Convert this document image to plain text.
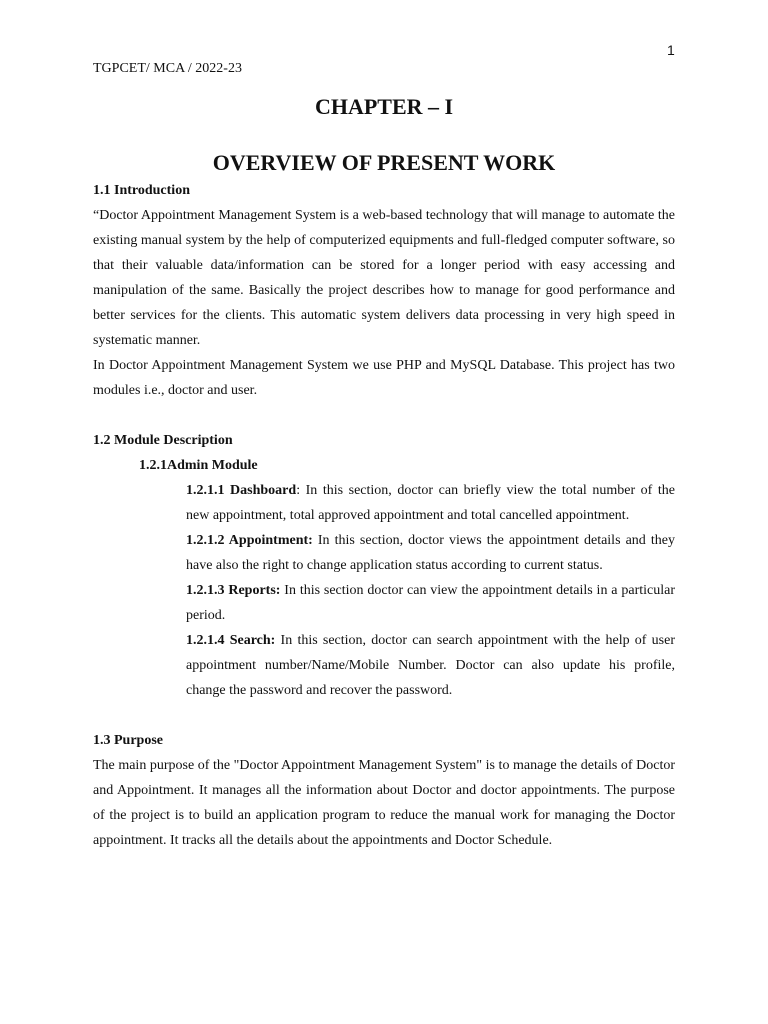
1
TGPCET/ MCA / 2022-23
CHAPTER – I
OVERVIEW OF PRESENT WORK

1.1 Introduction

“Doctor Appointment Management System is a web-based technology that will manage to automate the existing manual system by the help of computerized equipments and full-fledged computer software, so that their valuable data/information can be stored for a longer period with easy accessing and manipulation of the same. Basically the project describes how to manage for good performance and better services for the clients. This automatic system delivers data processing in very high speed in systematic manner.

In Doctor Appointment Management System we use PHP and MySQL Database. This project has two modules i.e., doctor and user.

1.2 Module Description

1.2.1Admin Module

1.2.1.1 Dashboard: In this section, doctor can briefly view the total number of the new appointment, total approved appointment and total cancelled appointment.

1.2.1.2 Appointment: In this section, doctor views the appointment details and they have also the right to change application status according to current status.

1.2.1.3 Reports: In this section doctor can view the appointment details in a particular period.

1.2.1.4 Search: In this section, doctor can search appointment with the help of user appointment number/Name/Mobile Number. Doctor can also update his profile, change the password and recover the password.

1.3 Purpose

The main purpose of the "Doctor Appointment Management System" is to manage the details of Doctor and Appointment. It manages all the information about Doctor and doctor appointments. The purpose of the project is to build an application program to reduce the manual work for managing the Doctor appointment. It tracks all the details about the appointments and Doctor Schedule.
